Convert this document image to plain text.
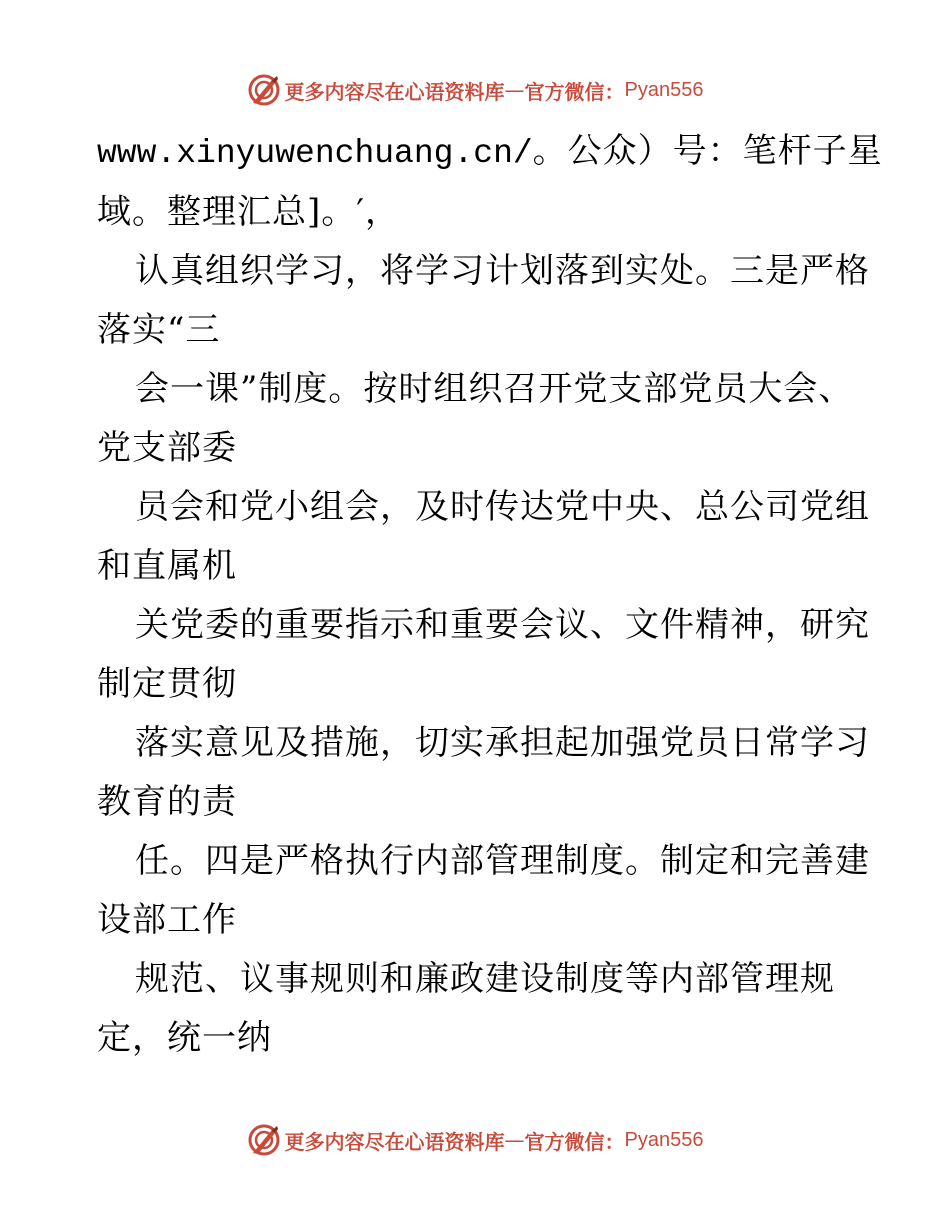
更多内容尽在心语资料库 — 官方微信： Pyan556
www.xinyuwenchuang.cn/。公众）号：笔杆子星
域。整理汇总]。′，
认真组织学习，将学习计划落到实处。三是严格
落实“三
会一课”制度。按时组织召开党支部党员大会、
党支部委
员会和党小组会，及时传达党中央、总公司党组
和直属机
关党委的重要指示和重要会议、文件精神，研究
制定贯彻
落实意见及措施，切实承担起加强党员日常学习
教育的责
任。四是严格执行内部管理制度。制定和完善建
设部工作
规范、议事规则和廉政建设制度等内部管理规
定，统一纳
更多内容尽在心语资料库 — 官方微信： Pyan556
